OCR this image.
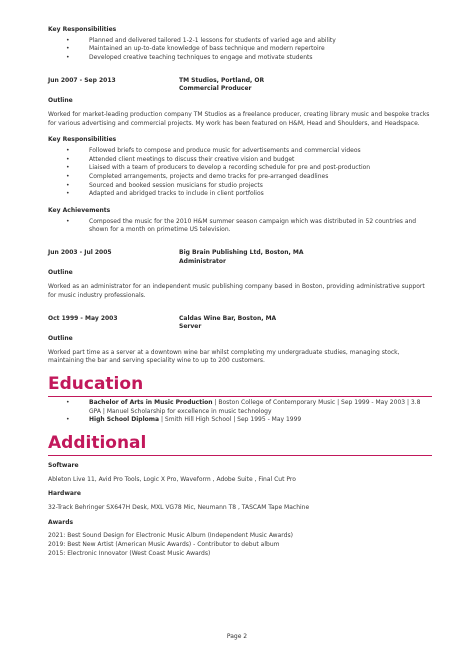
Key Responsibilities
• Planned and delivered tailored 1-2-1 lessons for students of varied age and ability
• Maintained an up-to-date knowledge of bass technique and modern repertoire
• Developed creative teaching techniques to engage and motivate students
Jun 2007 - Sep 2013	TM Studios, Portland, OR
Commercial Producer
Outline

Worked for market-leading production company TM Studios as a freelance producer, creating library music and bespoke tracks for various advertising and commercial projects. My work has been featured on H&M, Head and Shoulders, and Headspace.

Key Responsibilities
• Followed briefs to compose and produce music for advertisements and commercial videos
• Attended client meetings to discuss their creative vision and budget
• Liaised with a team of producers to develop a recording schedule for pre and post-production
• Completed arrangements, projects and demo tracks for pre-arranged deadlines
• Sourced and booked session musicians for studio projects
• Adapted and abridged tracks to include in client portfolios
Key Achievements
• Composed the music for the 2010 H&M summer season campaign which was distributed in 52 countries and shown for a month on primetime US television.
Jun 2003 - Jul 2005	Big Brain Publishing Ltd, Boston, MA
Administrator
Outline

Worked as an administrator for an independent music publishing company based in Boston, providing administrative support for music industry professionals.

Oct 1999 - May 2003	Caldas Wine Bar, Boston, MA
Server
Outline

Worked part time as a server at a downtown wine bar whilst completing my undergraduate studies, managing stock, maintaining the bar and serving speciality wine to up to 200 customers.

Education
• Bachelor of Arts in Music Production | Boston College of Contemporary Music | Sep 1999 - May 2003 | 3.8 GPA | Manuel Scholarship for excellence in music technology
• High School Diploma | Smith Hill High School | Sep 1995 - May 1999
Additional
Software

Ableton Live 11, Avid Pro Tools, Logic X Pro, Waveform , Adobe Suite , Final Cut Pro

Hardware

32-Track Behringer SX647H Desk, MXL VG78 Mic, Neumann T8 , TASCAM Tape Machine

Awards
2021: Best Sound Design for Electronic Music Album (Independent Music Awards)
2019: Best New Artist (American Music Awards) - Contributor to debut album
2015: Electronic Innovator (West Coast Music Awards)
Page 2
